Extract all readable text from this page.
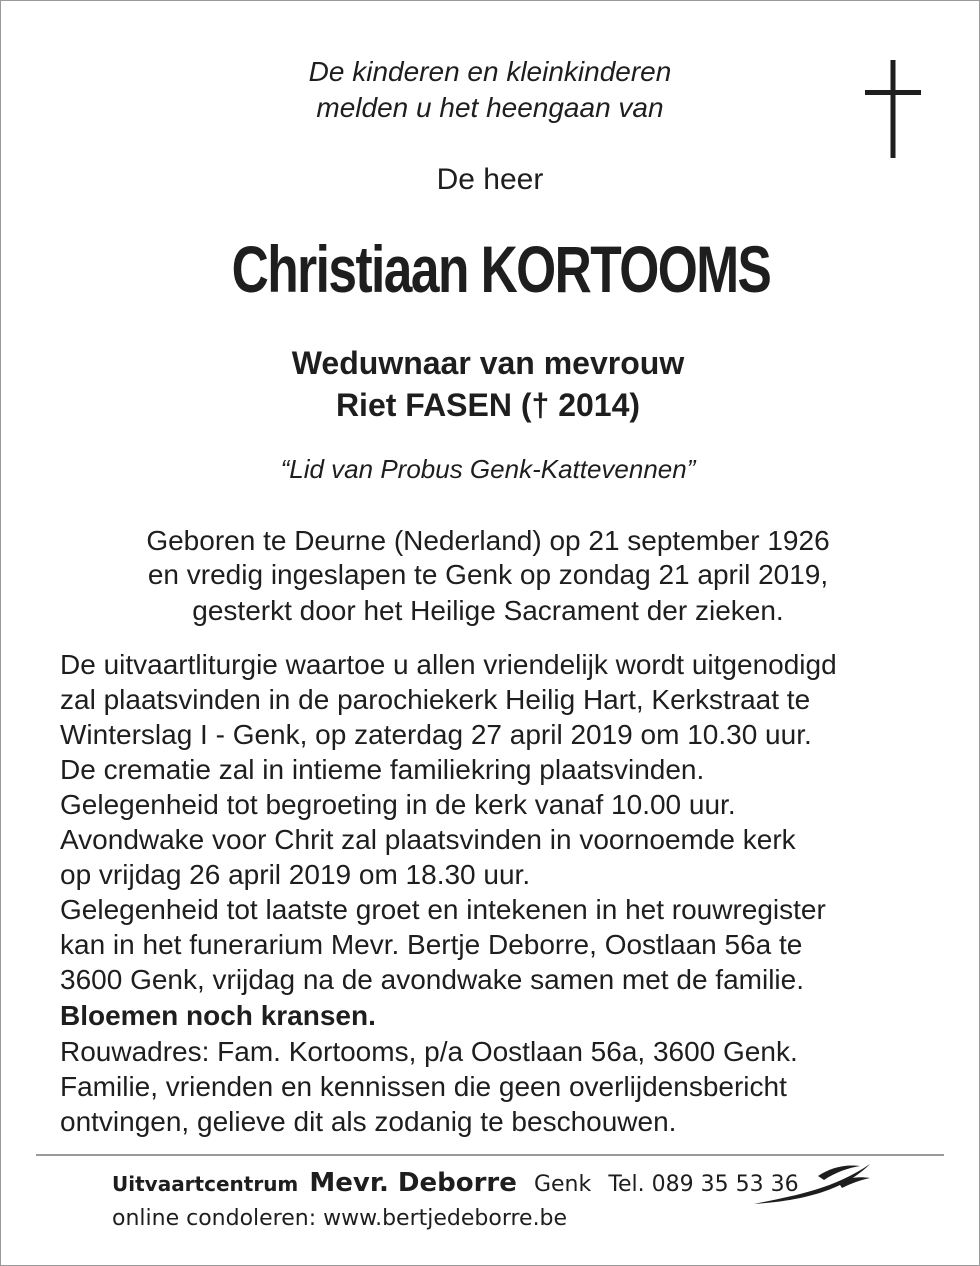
De kinderen en kleinkinderen
melden u het heengaan van
De heer
Christiaan KORTOOMS
Weduwnaar van mevrouw
Riet FASEN († 2014)
“Lid van Probus Genk-Kattevennen”
Geboren te Deurne (Nederland) op 21 september 1926
en vredig ingeslapen te Genk op zondag 21 april 2019,
gesterkt door het Heilige Sacrament der zieken.
De uitvaartliturgie waartoe u allen vriendelijk wordt uitgenodigd
zal plaatsvinden in de parochiekerk Heilig Hart, Kerkstraat te
Winterslag I - Genk, op zaterdag 27 april 2019 om 10.30 uur.
De crematie zal in intieme familiekring plaatsvinden.
Gelegenheid tot begroeting in de kerk vanaf 10.00 uur.
Avondwake voor Chrit zal plaatsvinden in voornoemde kerk
op vrijdag 26 april 2019 om 18.30 uur.
Gelegenheid tot laatste groet en intekenen in het rouwregister
kan in het funerarium Mevr. Bertje Deborre, Oostlaan 56a te
3600 Genk, vrijdag na de avondwake samen met de familie.
Bloemen noch kransen.
Rouwadres: Fam. Kortooms, p/a Oostlaan 56a, 3600 Genk.
Familie, vrienden en kennissen die geen overlijdensbericht
ontvingen, gelieve dit als zodanig te beschouwen.
Uitvaartcentrum Mevr. Deborre Genk Tel. 089 35 53 36
online condoleren: www.bertjedeborre.be
